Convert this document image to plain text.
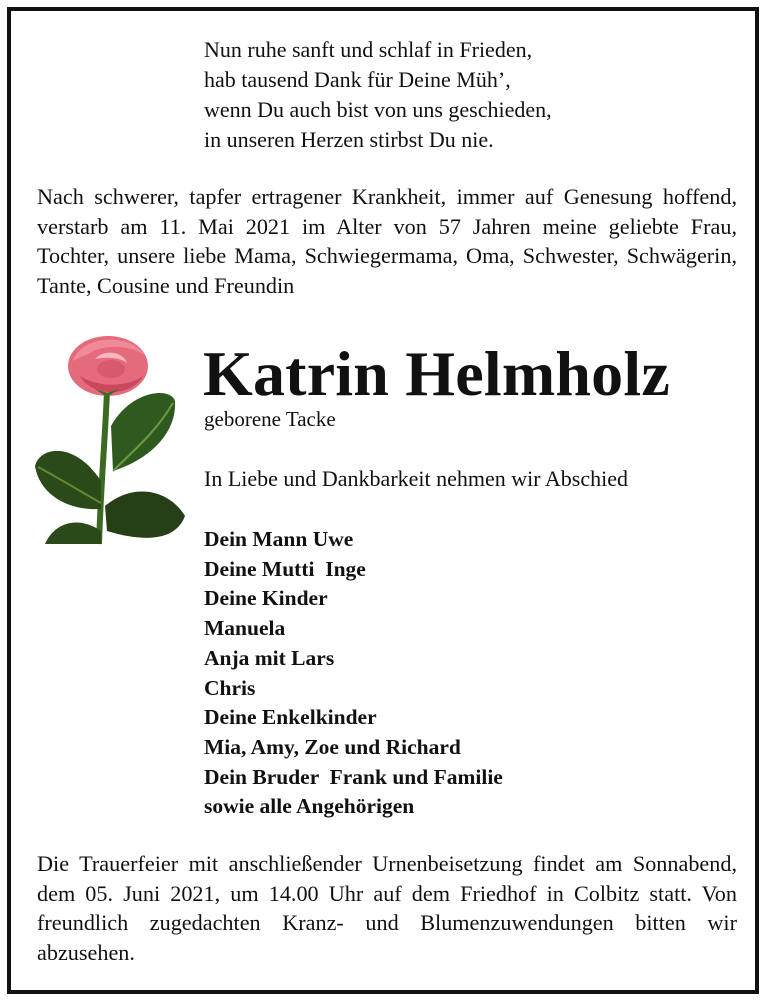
Nun ruhe sanft und schlaf in Frieden,
hab tausend Dank für Deine Müh’,
wenn Du auch bist von uns geschieden,
in unseren Herzen stirbst Du nie.
Nach schwerer, tapfer ertragener Krankheit, immer auf Genesung hoffend, verstarb am 11. Mai 2021 im Alter von 57 Jahren meine geliebte Frau, Tochter, unsere liebe Mama, Schwiegermama, Oma, Schwester, Schwägerin, Tante, Cousine und Freundin
Katrin Helmholz
geborene Tacke
In Liebe und Dankbarkeit nehmen wir Abschied
Dein Mann Uwe
Deine Mutti  Inge
Deine Kinder
Manuela
Anja mit Lars
Chris
Deine Enkelkinder
Mia, Amy, Zoe und Richard
Dein Bruder  Frank und Familie
sowie alle Angehörigen
Die Trauerfeier mit anschließender Urnenbeisetzung findet am Sonnabend, dem 05. Juni 2021, um 14.00 Uhr auf dem Friedhof in Colbitz statt. Von freundlich zugedachten Kranz- und Blumenzuwendungen bitten wir abzusehen.
